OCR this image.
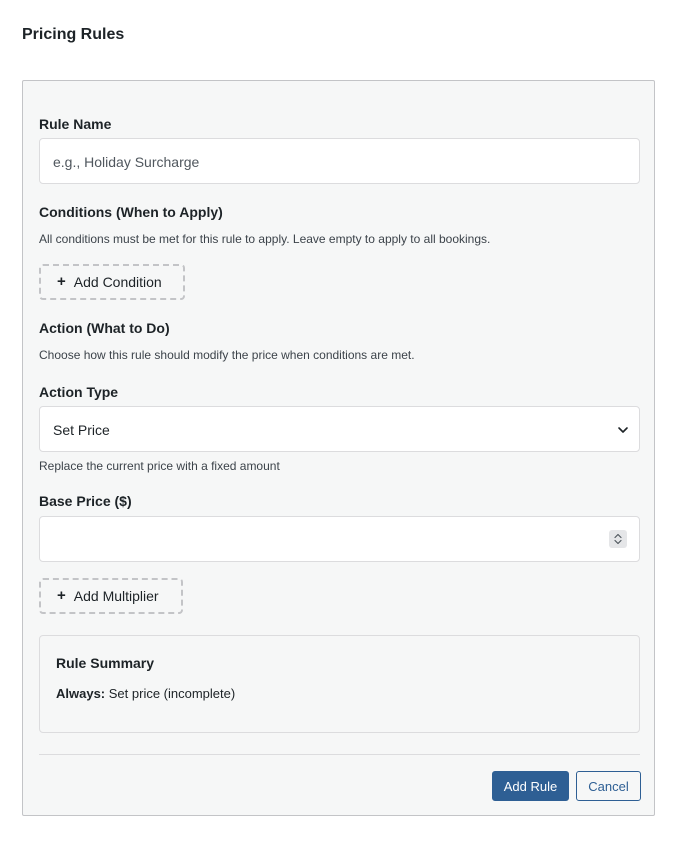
Pricing Rules
Rule Name
e.g., Holiday Surcharge
Conditions (When to Apply)
All conditions must be met for this rule to apply. Leave empty to apply to all bookings.
+ Add Condition
Action (What to Do)
Choose how this rule should modify the price when conditions are met.
Action Type
Set Price
Replace the current price with a fixed amount
Base Price ($)
+ Add Multiplier
Rule Summary
Always: Set price (incomplete)
Add Rule	Cancel
